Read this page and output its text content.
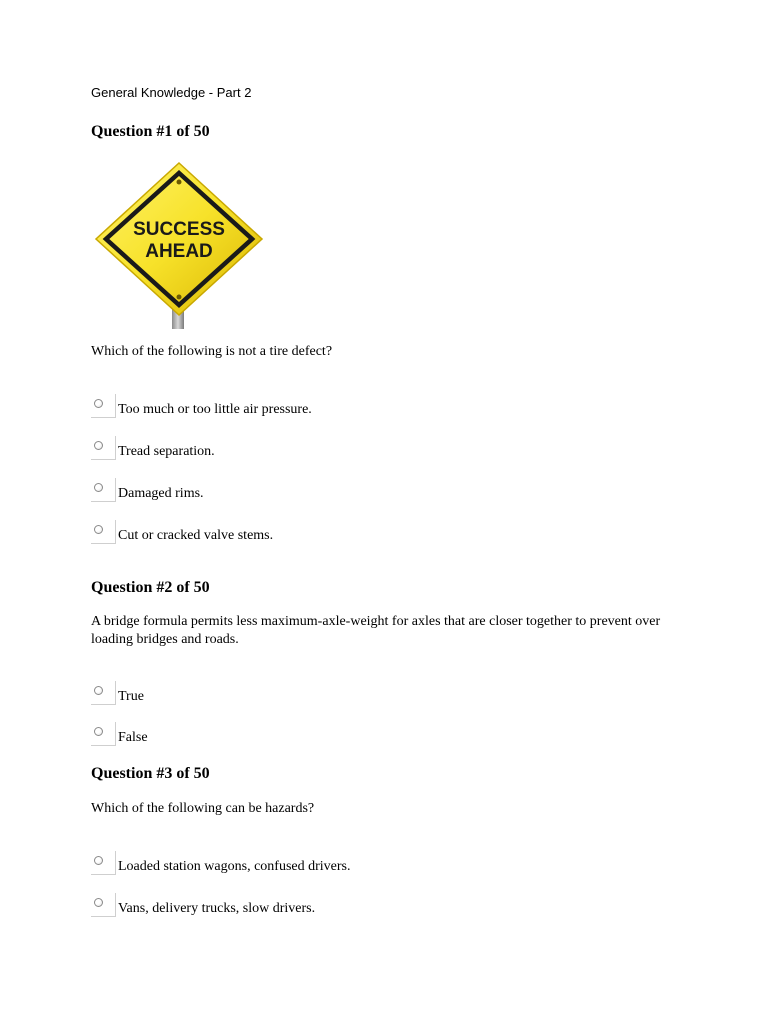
General Knowledge - Part 2
Question #1 of 50
SUCCESS
AHEAD
Which of the following is not a tire defect?
Too much or too little air pressure.
Tread separation.
Damaged rims.
Cut or cracked valve stems.
Question #2 of 50
A bridge formula permits less maximum-axle-weight for axles that are closer together to prevent over loading bridges and roads.
True
False
Question #3 of 50
Which of the following can be hazards?
Loaded station wagons, confused drivers.
Vans, delivery trucks, slow drivers.
